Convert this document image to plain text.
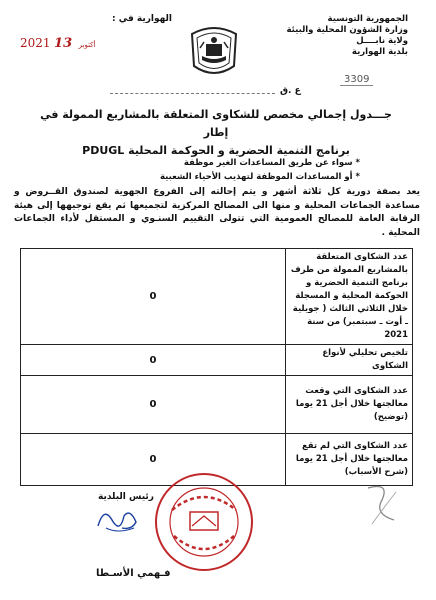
الجمهورية التونسية
وزارة الشؤون المحلية والبيئة
ولاية نابــــل
بلدية الهوارية
الهوارية في :
2021	أكتوبر 13
3309
ع .ق
جـــدول إجمالي مخصص للشكاوى المتعلقة بالمشاريع الممولة في إطار
برنامج التنمية الحضرية و الحوكمة المحلية PDUGL
* سواء عن طريق المساعدات الغير موظفة
* أو المساعدات الموظفة لتهذيب الأحياء الشعبية
يعد بصفة دورية كل ثلاثة أشهر و يتم إحالته إلى الفروع الجهوية لصندوق القــروض و مساعدة الجماعات المحلية و منها الى المصالح المركزية لتجميعها ثم يقع توجيهها إلى هيئة الرقابة العامة للمصالح العمومية التي تتولى التقييم السنـوي و المستقل لأداء الجماعات المحلية .
عدد الشكاوى المتعلقة بالمشاريع الممولة من طرف برنامج التنمية الحضرية و الحوكمة المحلية و المسجلة خلال الثلاثي الثالث ( جويلية ـ أوت ـ سبتمبر) من سنة 2021	0
تلخيص تحليلي لأنواع الشكاوى	0
عدد الشكاوى التي وقعت معالجتها خلال أجل 21 يوما (توضيح)	0
عدد الشكاوى التي لم تقع معالجتها خلال أجل 21 يوما (شرح الأسباب)	0
رئيس البلدية
فـهمي الأسـطا
